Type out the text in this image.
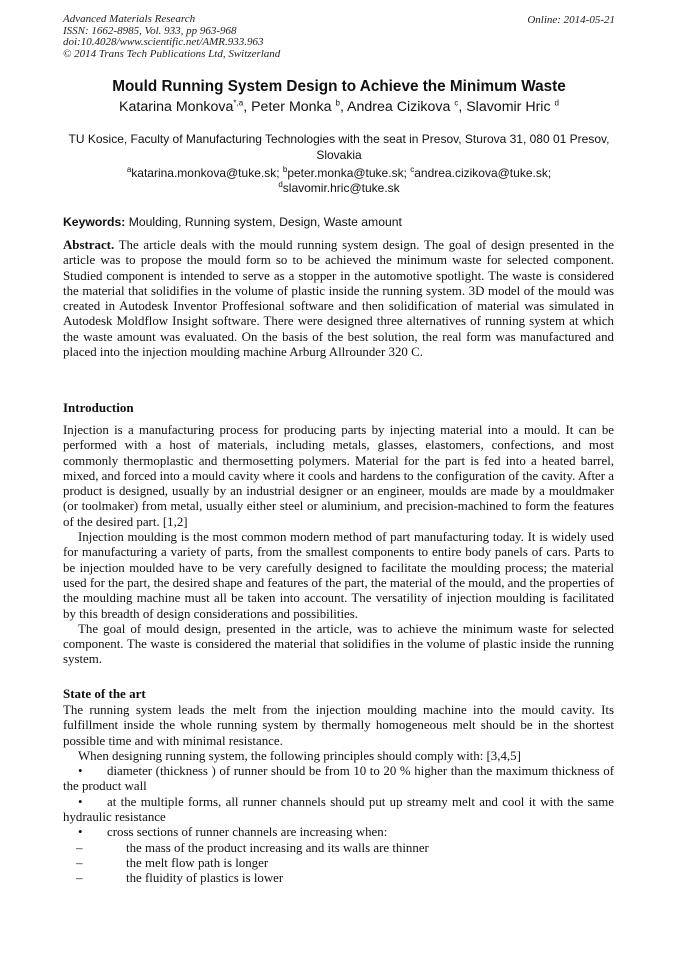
Advanced Materials Research
ISSN: 1662-8985, Vol. 933, pp 963-968
doi:10.4028/www.scientific.net/AMR.933.963
© 2014 Trans Tech Publications Ltd, Switzerland
Online: 2014-05-21
Mould Running System Design to Achieve the Minimum Waste
Katarina Monkova$^{*,a}$, Peter Monka $^b$, Andrea Cizikova $^c$, Slavomir Hric $^d$
TU Kosice, Faculty of Manufacturing Technologies with the seat in Presov, Sturova 31, 080 01 Presov, Slovakia
$^a$katarina.monkova@tuke.sk; $^b$peter.monka@tuke.sk; $^c$andrea.cizikova@tuke.sk;
$^d$slavomir.hric@tuke.sk
Keywords: Moulding, Running system, Design, Waste amount

Abstract. The article deals with the mould running system design. The goal of design presented in the article was to propose the mould form so to be achieved the minimum waste for selected component. Studied component is intended to serve as a stopper in the automotive spotlight. The waste is considered the material that solidifies in the volume of plastic inside the running system. 3D model of the mould was created in Autodesk Inventor Proffesional software and then solidification of material was simulated in Autodesk Moldflow Insight software. There were designed three alternatives of running system at which the waste amount was evaluated. On the basis of the best solution, the real form was manufactured and placed into the injection moulding machine Arburg Allrounder 320 C.

Introduction

Injection is a manufacturing process for producing parts by injecting material into a mould. It can be performed with a host of materials, including metals, glasses, elastomers, confections, and most commonly thermoplastic and thermosetting polymers. Material for the part is fed into a heated barrel, mixed, and forced into a mould cavity where it cools and hardens to the configuration of the cavity. After a product is designed, usually by an industrial designer or an engineer, moulds are made by a mouldmaker (or toolmaker) from metal, usually either steel or aluminium, and precision-machined to form the features of the desired part. [1,2]

Injection moulding is the most common modern method of part manufacturing today. It is widely used for manufacturing a variety of parts, from the smallest components to entire body panels of cars. Parts to be injection moulded have to be very carefully designed to facilitate the moulding process; the material used for the part, the desired shape and features of the part, the material of the mould, and the properties of the moulding machine must all be taken into account. The versatility of injection moulding is facilitated by this breadth of design considerations and possibilities.

The goal of mould design, presented in the article, was to achieve the minimum waste for selected component. The waste is considered the material that solidifies in the volume of plastic inside the running system.

State of the art

The running system leads the melt from the injection moulding machine into the mould cavity. Its fulfillment inside the whole running system by thermally homogeneous melt should be in the shortest possible time and with minimal resistance.

When designing running system, the following principles should comply with: [3,4,5]

• diameter (thickness ) of runner should be from 10 to 20 % higher than the maximum thickness of the product wall

• at the multiple forms, all runner channels should put up streamy melt and cool it with the same hydraulic resistance

• cross sections of runner channels are increasing when:

–	the mass of the product increasing and its walls are thinner
–	the melt flow path is longer
–	the fluidity of plastics is lower
